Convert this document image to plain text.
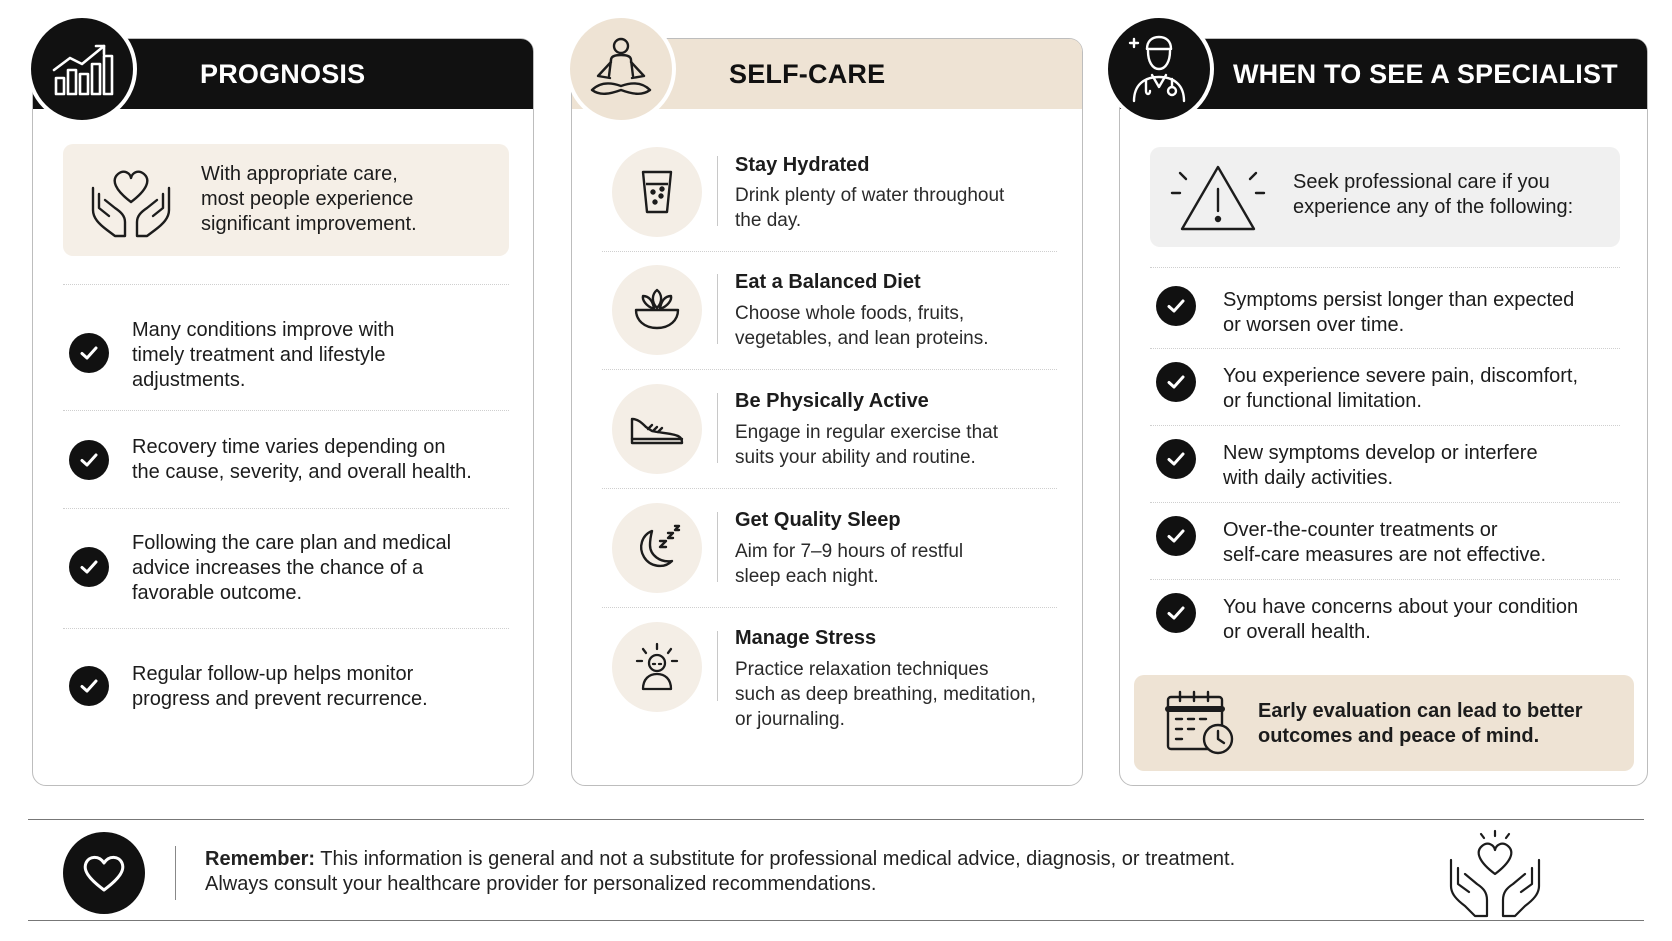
PROGNOSIS
With appropriate care,
most people experience
significant improvement.
Many conditions improve with
timely treatment and lifestyle
adjustments.
Recovery time varies depending on
the cause, severity, and overall health.
Following the care plan and medical
advice increases the chance of a
favorable outcome.
Regular follow-up helps monitor
progress and prevent recurrence.
SELF-CARE
Stay Hydrated
Drink plenty of water throughout
the day.
Eat a Balanced Diet
Choose whole foods, fruits,
vegetables, and lean proteins.
Be Physically Active
Engage in regular exercise that
suits your ability and routine.
Get Quality Sleep
Aim for 7–9 hours of restful
sleep each night.
Manage Stress
Practice relaxation techniques
such as deep breathing, meditation,
or journaling.
WHEN TO SEE A SPECIALIST
Seek professional care if you
experience any of the following:
Symptoms persist longer than expected
or worsen over time.
You experience severe pain, discomfort,
or functional limitation.
New symptoms develop or interfere
with daily activities.
Over-the-counter treatments or
self-care measures are not effective.
You have concerns about your condition
or overall health.
Early evaluation can lead to better
outcomes and peace of mind.
Remember: This information is general and not a substitute for professional medical advice, diagnosis, or treatment.
Always consult your healthcare provider for personalized recommendations.
